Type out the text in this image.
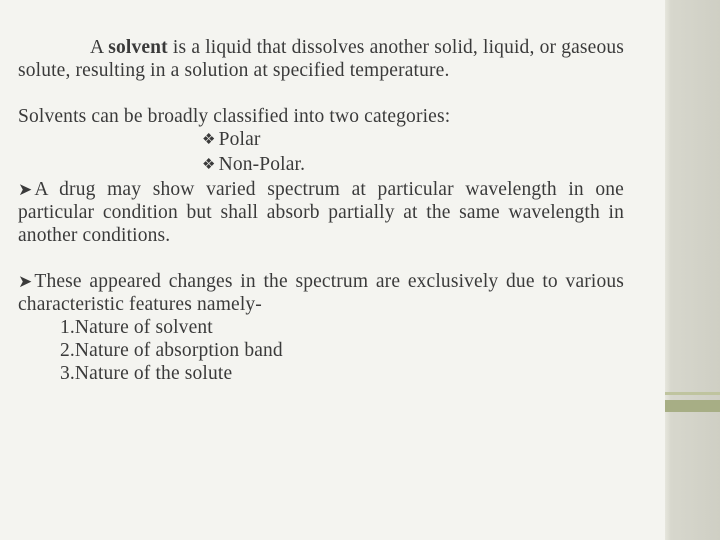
A solvent is a liquid that dissolves another solid, liquid, or gaseous solute, resulting in a solution at specified temperature.

Solvents can be broadly classified into two categories:

❖ Polar

❖ Non-Polar.

➤ A drug may show varied spectrum at particular wavelength in one particular condition but shall absorb partially at the same wavelength in another conditions.

➤ These appeared changes in the spectrum are exclusively due to various characteristic features namely-

1.Nature of solvent

2.Nature of absorption band

3.Nature of the solute
